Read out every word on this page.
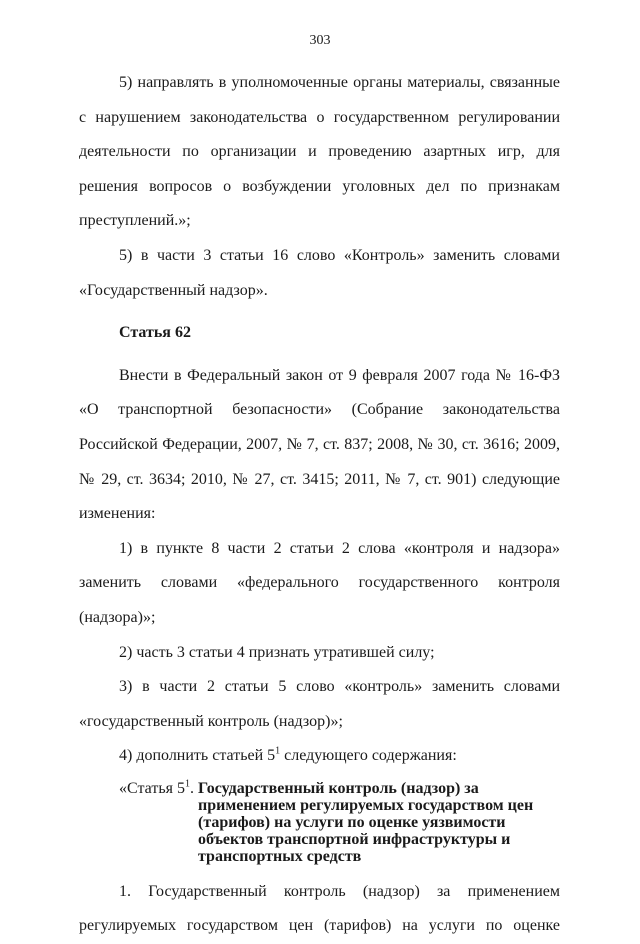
303

5) направлять в уполномоченные органы материалы, связанные с нарушением законодательства о государственном регулировании деятельности по организации и проведению азартных игр, для решения вопросов о возбуждении уголовных дел по признакам преступлений.»;

5) в части 3 статьи 16 слово «Контроль» заменить словами «Государственный надзор».

Статья 62

Внести в Федеральный закон от 9 февраля 2007 года № 16-ФЗ «О транспортной безопасности» (Собрание законодательства Российской Федерации, 2007, № 7, ст. 837; 2008, № 30, ст. 3616; 2009, № 29, ст. 3634; 2010, № 27, ст. 3415; 2011, № 7, ст. 901) следующие изменения:

1) в пункте 8 части 2 статьи 2 слова «контроля и надзора» заменить словами «федерального государственного контроля (надзора)»;

2) часть 3 статьи 4 признать утратившей силу;

3) в части 2 статьи 5 слово «контроль» заменить словами «государственный контроль (надзор)»;

4) дополнить статьей $5^1$ следующего содержания:

«Статья $5^1$. Государственный контроль (надзор) за применением регулируемых государством цен (тарифов) на услуги по оценке уязвимости объектов транспортной инфраструктуры и транспортных средств

1. Государственный контроль (надзор) за применением регулируемых государством цен (тарифов) на услуги по оценке
